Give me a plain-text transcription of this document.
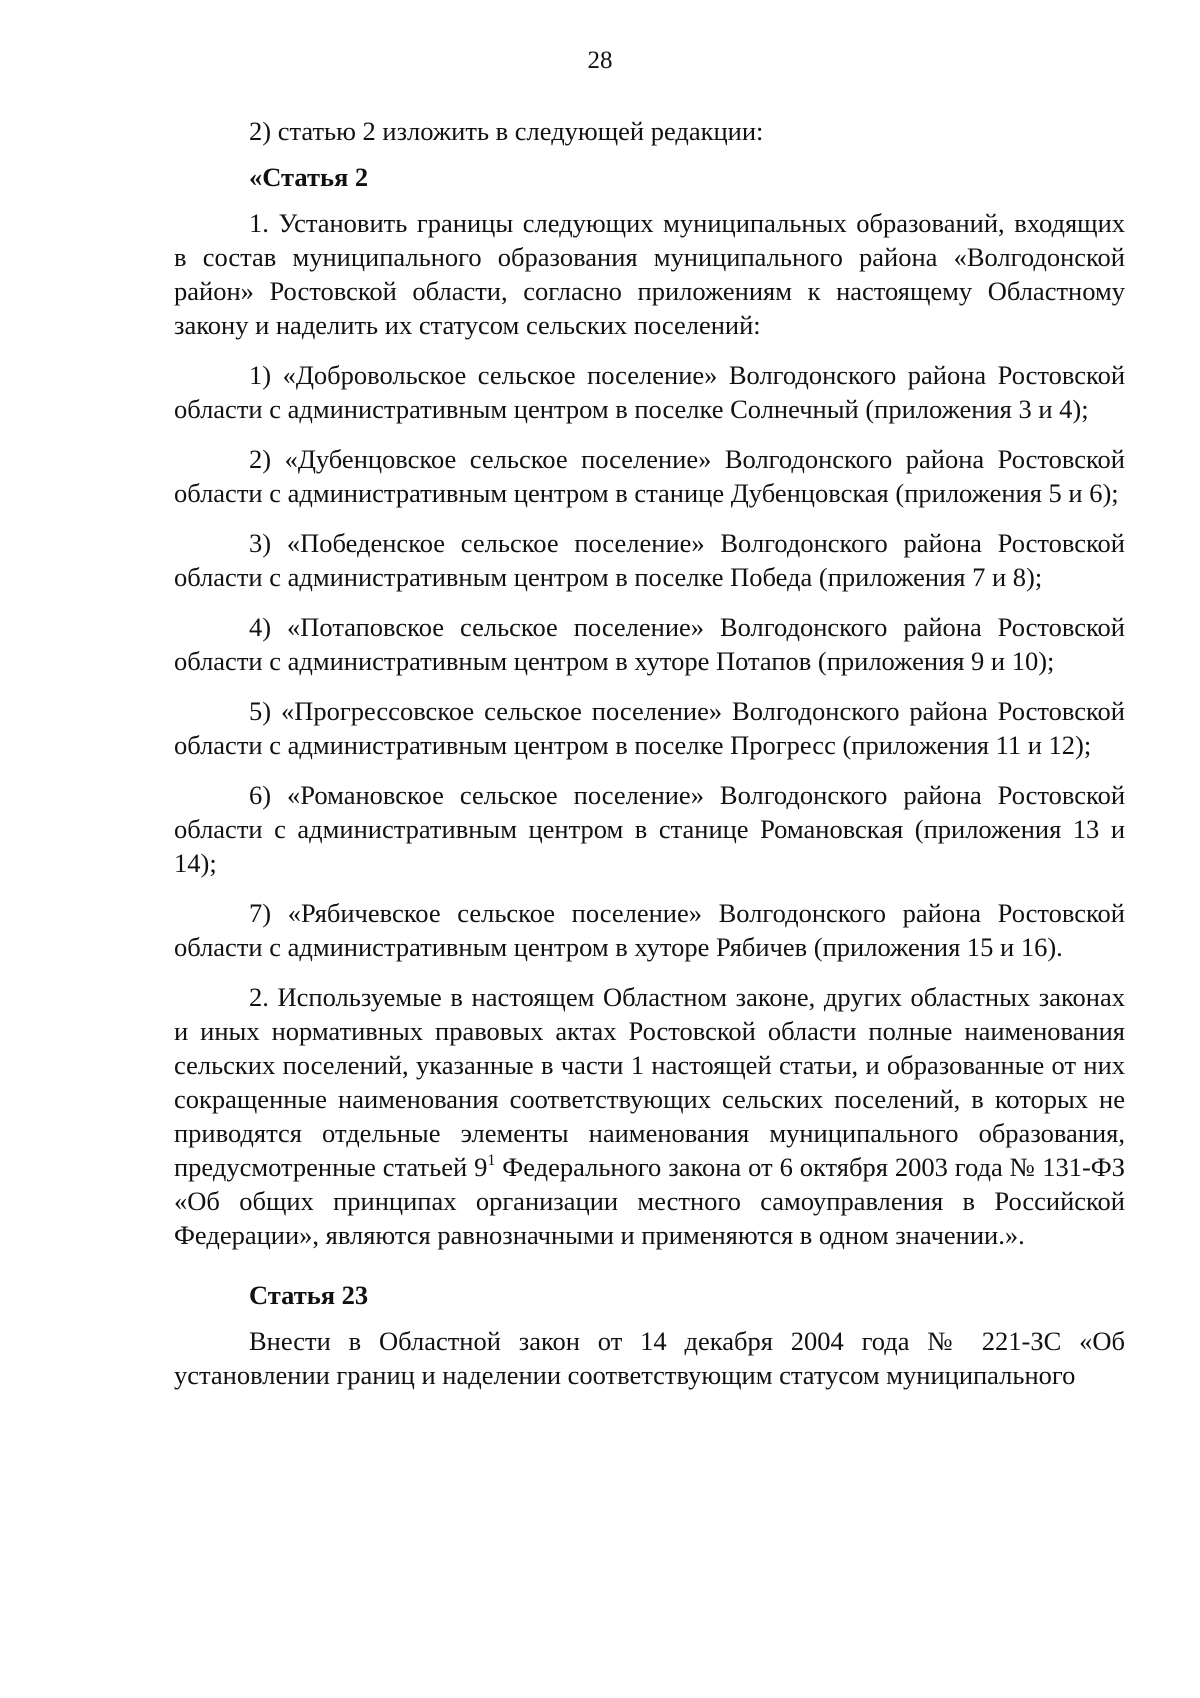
28

2) статью 2 изложить в следующей редакции:

«Статья 2

1. Установить границы следующих муниципальных образований, входящих в состав муниципального образования муниципального района «Волгодонской район» Ростовской области, согласно приложениям к настоящему Областному закону и наделить их статусом сельских поселений:

1) «Добровольское сельское поселение» Волгодонского района Ростовской области с административным центром в поселке Солнечный (приложения 3 и 4);

2) «Дубенцовское сельское поселение» Волгодонского района Ростовской области с административным центром в станице Дубенцовская (приложения 5 и 6);

3) «Победенское сельское поселение» Волгодонского района Ростовской области с административным центром в поселке Победа (приложения 7 и 8);

4) «Потаповское сельское поселение» Волгодонского района Ростовской области с административным центром в хуторе Потапов (приложения 9 и 10);

5) «Прогрессовское сельское поселение» Волгодонского района Ростовской области с административным центром в поселке Прогресс (приложения 11 и 12);

6) «Романовское сельское поселение» Волгодонского района Ростовской области с административным центром в станице Романовская (приложения 13 и 14);

7) «Рябичевское сельское поселение» Волгодонского района Ростовской области с административным центром в хуторе Рябичев (приложения 15 и 16).

2. Используемые в настоящем Областном законе, других областных законах и иных нормативных правовых актах Ростовской области полные наименования сельских поселений, указанные в части 1 настоящей статьи, и образованные от них сокращенные наименования соответствующих сельских поселений, в которых не приводятся отдельные элементы наименования муниципального образования, предусмотренные статьей $9^1$ Федерального закона от 6 октября 2003 года № 131-ФЗ «Об общих принципах организации местного самоуправления в Российской Федерации», являются равнозначными и применяются в одном значении.».

Статья 23

Внести в Областной закон от 14 декабря 2004 года № 221-ЗС «Об установлении границ и наделении соответствующим статусом муниципального
